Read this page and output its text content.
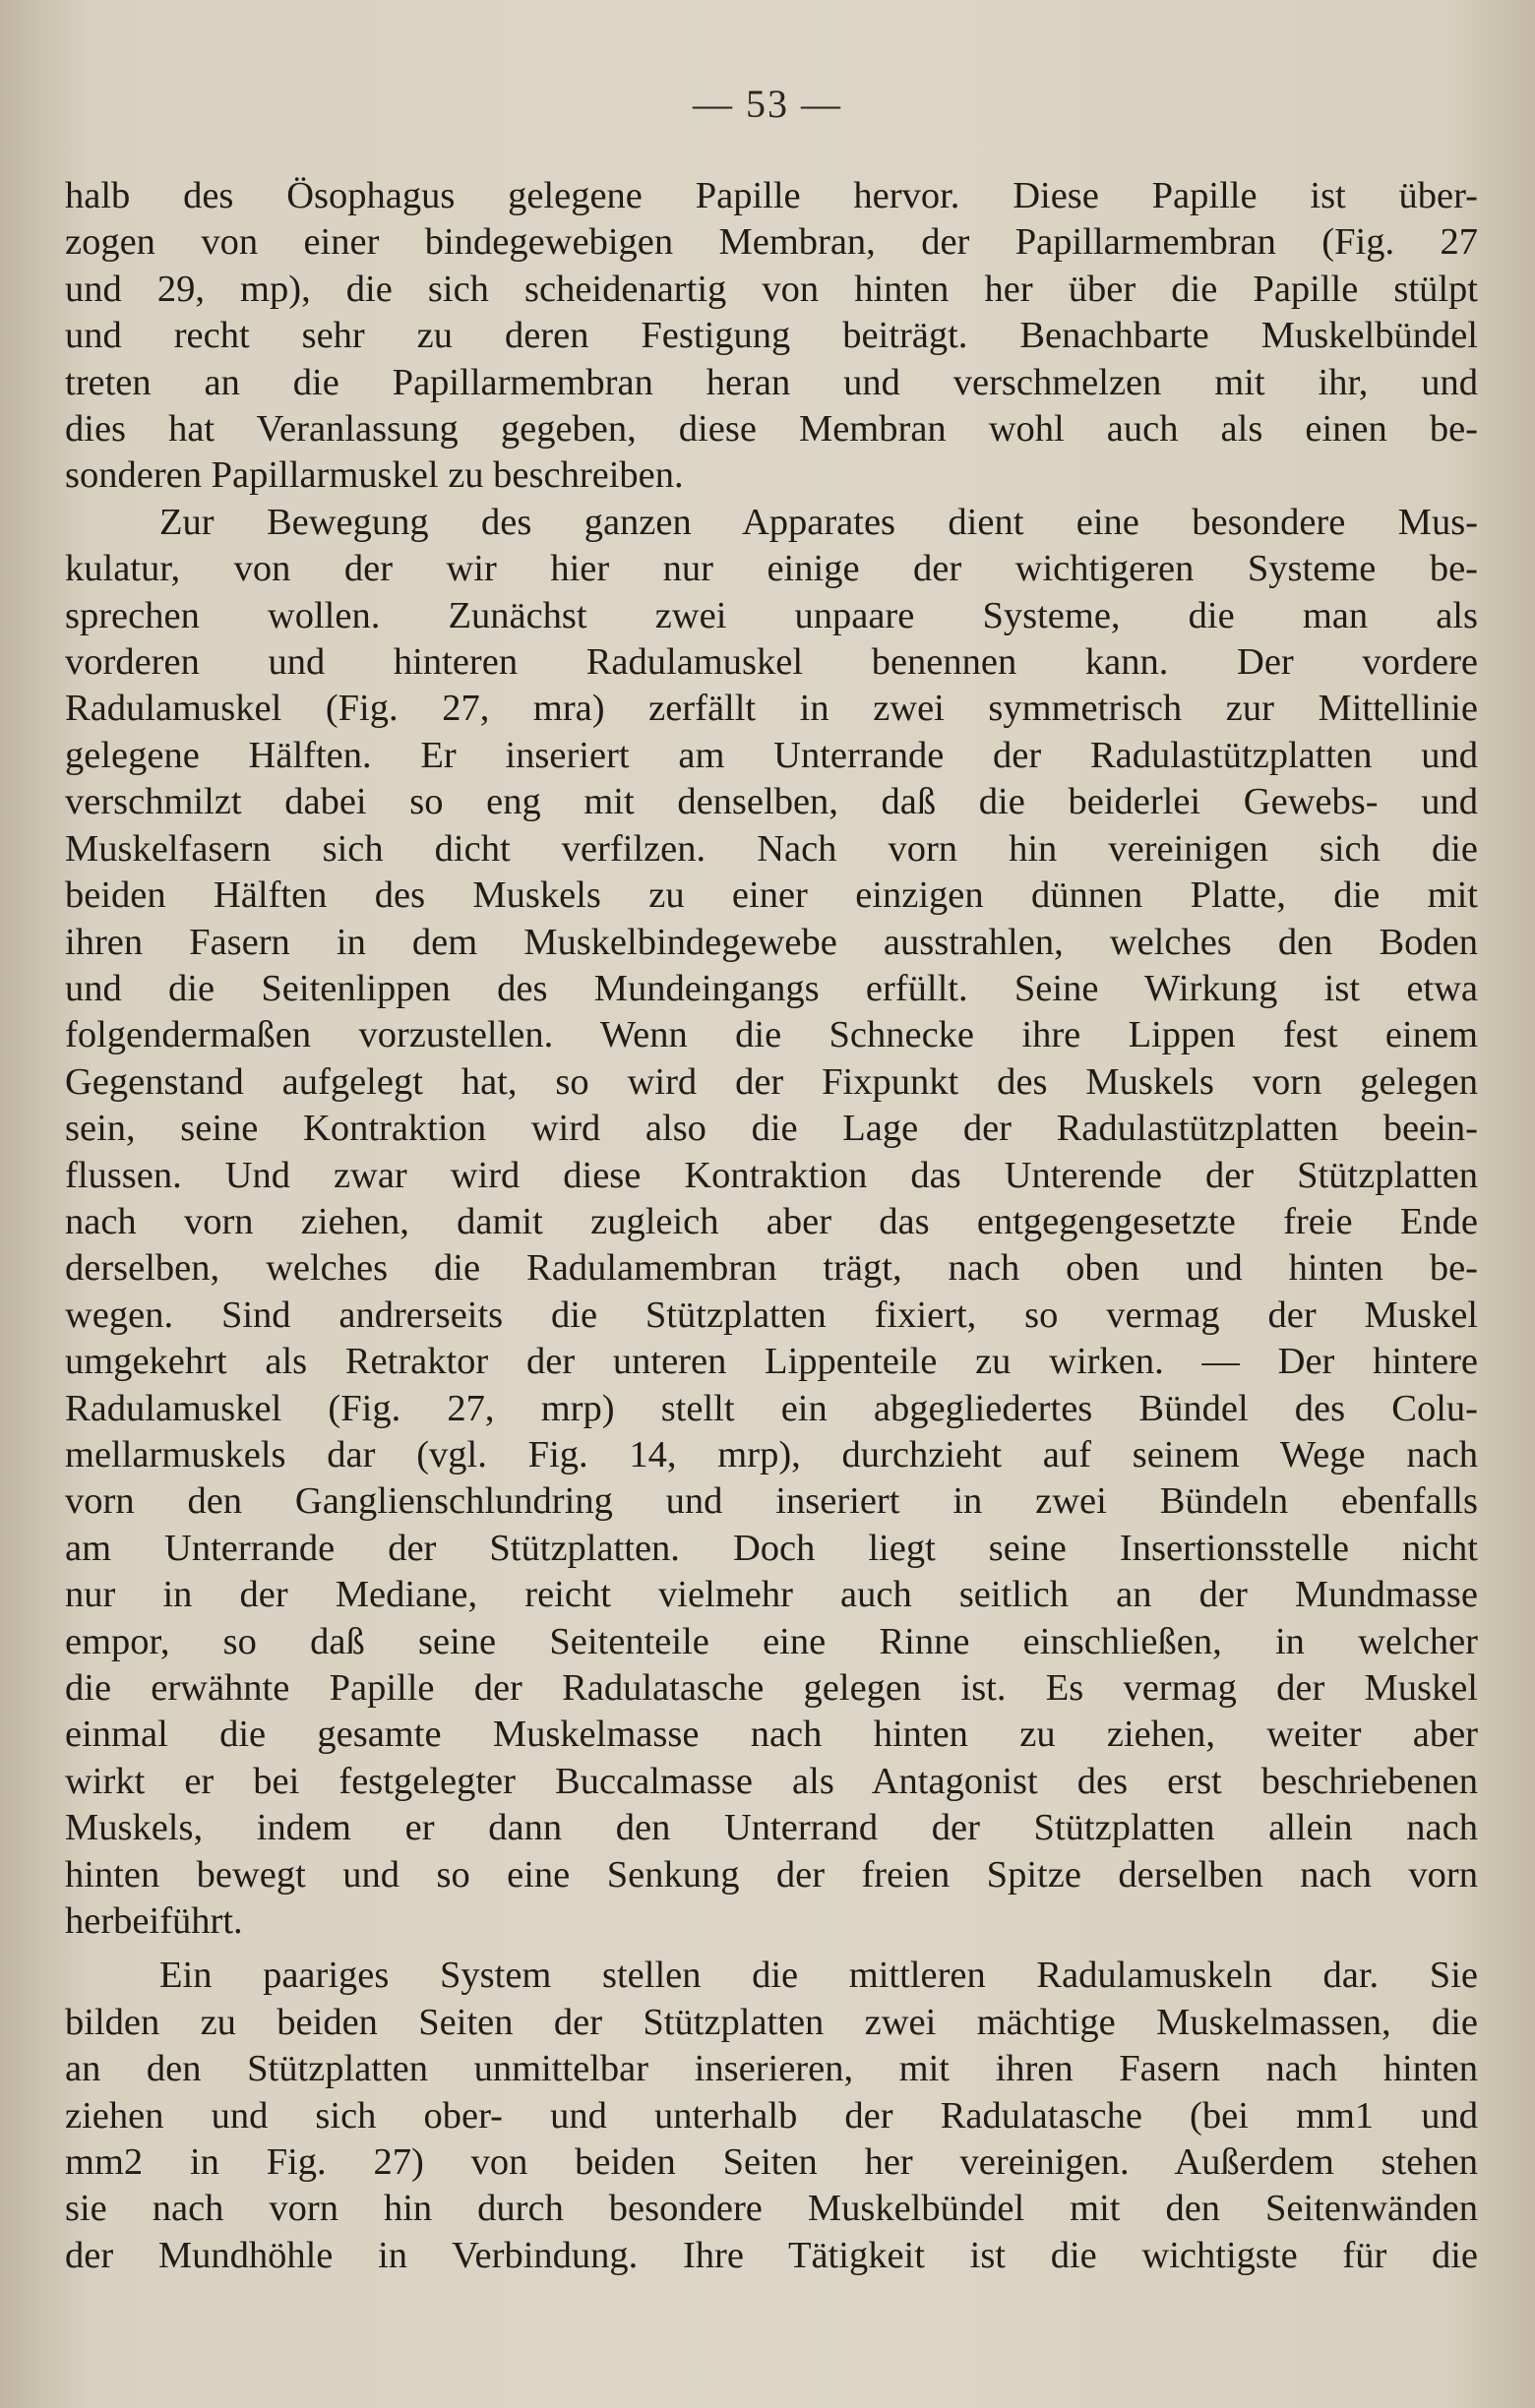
— 53 —
halb des Ösophagus gelegene Papille hervor. Diese Papille ist über-
zogen von einer bindegewebigen Membran, der Papillarmembran (Fig. 27
und 29, mp), die sich scheidenartig von hinten her über die Papille stülpt
und recht sehr zu deren Festigung beiträgt. Benachbarte Muskelbündel
treten an die Papillarmembran heran und verschmelzen mit ihr, und
dies hat Veranlassung gegeben, diese Membran wohl auch als einen be-
sonderen Papillarmuskel zu beschreiben.
Zur Bewegung des ganzen Apparates dient eine besondere Mus-
kulatur, von der wir hier nur einige der wichtigeren Systeme be-
sprechen wollen. Zunächst zwei unpaare Systeme, die man als
vorderen und hinteren Radulamuskel benennen kann. Der vordere
Radulamuskel (Fig. 27, mra) zerfällt in zwei symmetrisch zur Mittellinie
gelegene Hälften. Er inseriert am Unterrande der Radulastützplatten und
verschmilzt dabei so eng mit denselben, daß die beiderlei Gewebs- und
Muskelfasern sich dicht verfilzen. Nach vorn hin vereinigen sich die
beiden Hälften des Muskels zu einer einzigen dünnen Platte, die mit
ihren Fasern in dem Muskelbindegewebe ausstrahlen, welches den Boden
und die Seitenlippen des Mundeingangs erfüllt. Seine Wirkung ist etwa
folgendermaßen vorzustellen. Wenn die Schnecke ihre Lippen fest einem
Gegenstand aufgelegt hat, so wird der Fixpunkt des Muskels vorn gelegen
sein, seine Kontraktion wird also die Lage der Radulastützplatten beein-
flussen. Und zwar wird diese Kontraktion das Unterende der Stützplatten
nach vorn ziehen, damit zugleich aber das entgegengesetzte freie Ende
derselben, welches die Radulamembran trägt, nach oben und hinten be-
wegen. Sind andrerseits die Stützplatten fixiert, so vermag der Muskel
umgekehrt als Retraktor der unteren Lippenteile zu wirken. — Der hintere
Radulamuskel (Fig. 27, mrp) stellt ein abgegliedertes Bündel des Colu-
mellarmuskels dar (vgl. Fig. 14, mrp), durchzieht auf seinem Wege nach
vorn den Ganglienschlundring und inseriert in zwei Bündeln ebenfalls
am Unterrande der Stützplatten. Doch liegt seine Insertionsstelle nicht
nur in der Mediane, reicht vielmehr auch seitlich an der Mundmasse
empor, so daß seine Seitenteile eine Rinne einschließen, in welcher
die erwähnte Papille der Radulatasche gelegen ist. Es vermag der Muskel
einmal die gesamte Muskelmasse nach hinten zu ziehen, weiter aber
wirkt er bei festgelegter Buccalmasse als Antagonist des erst beschriebenen
Muskels, indem er dann den Unterrand der Stützplatten allein nach
hinten bewegt und so eine Senkung der freien Spitze derselben nach vorn
herbeiführt.
Ein paariges System stellen die mittleren Radulamuskeln dar. Sie
bilden zu beiden Seiten der Stützplatten zwei mächtige Muskelmassen, die
an den Stützplatten unmittelbar inserieren, mit ihren Fasern nach hinten
ziehen und sich ober- und unterhalb der Radulatasche (bei mm1 und
mm2 in Fig. 27) von beiden Seiten her vereinigen. Außerdem stehen
sie nach vorn hin durch besondere Muskelbündel mit den Seitenwänden
der Mundhöhle in Verbindung. Ihre Tätigkeit ist die wichtigste für die
